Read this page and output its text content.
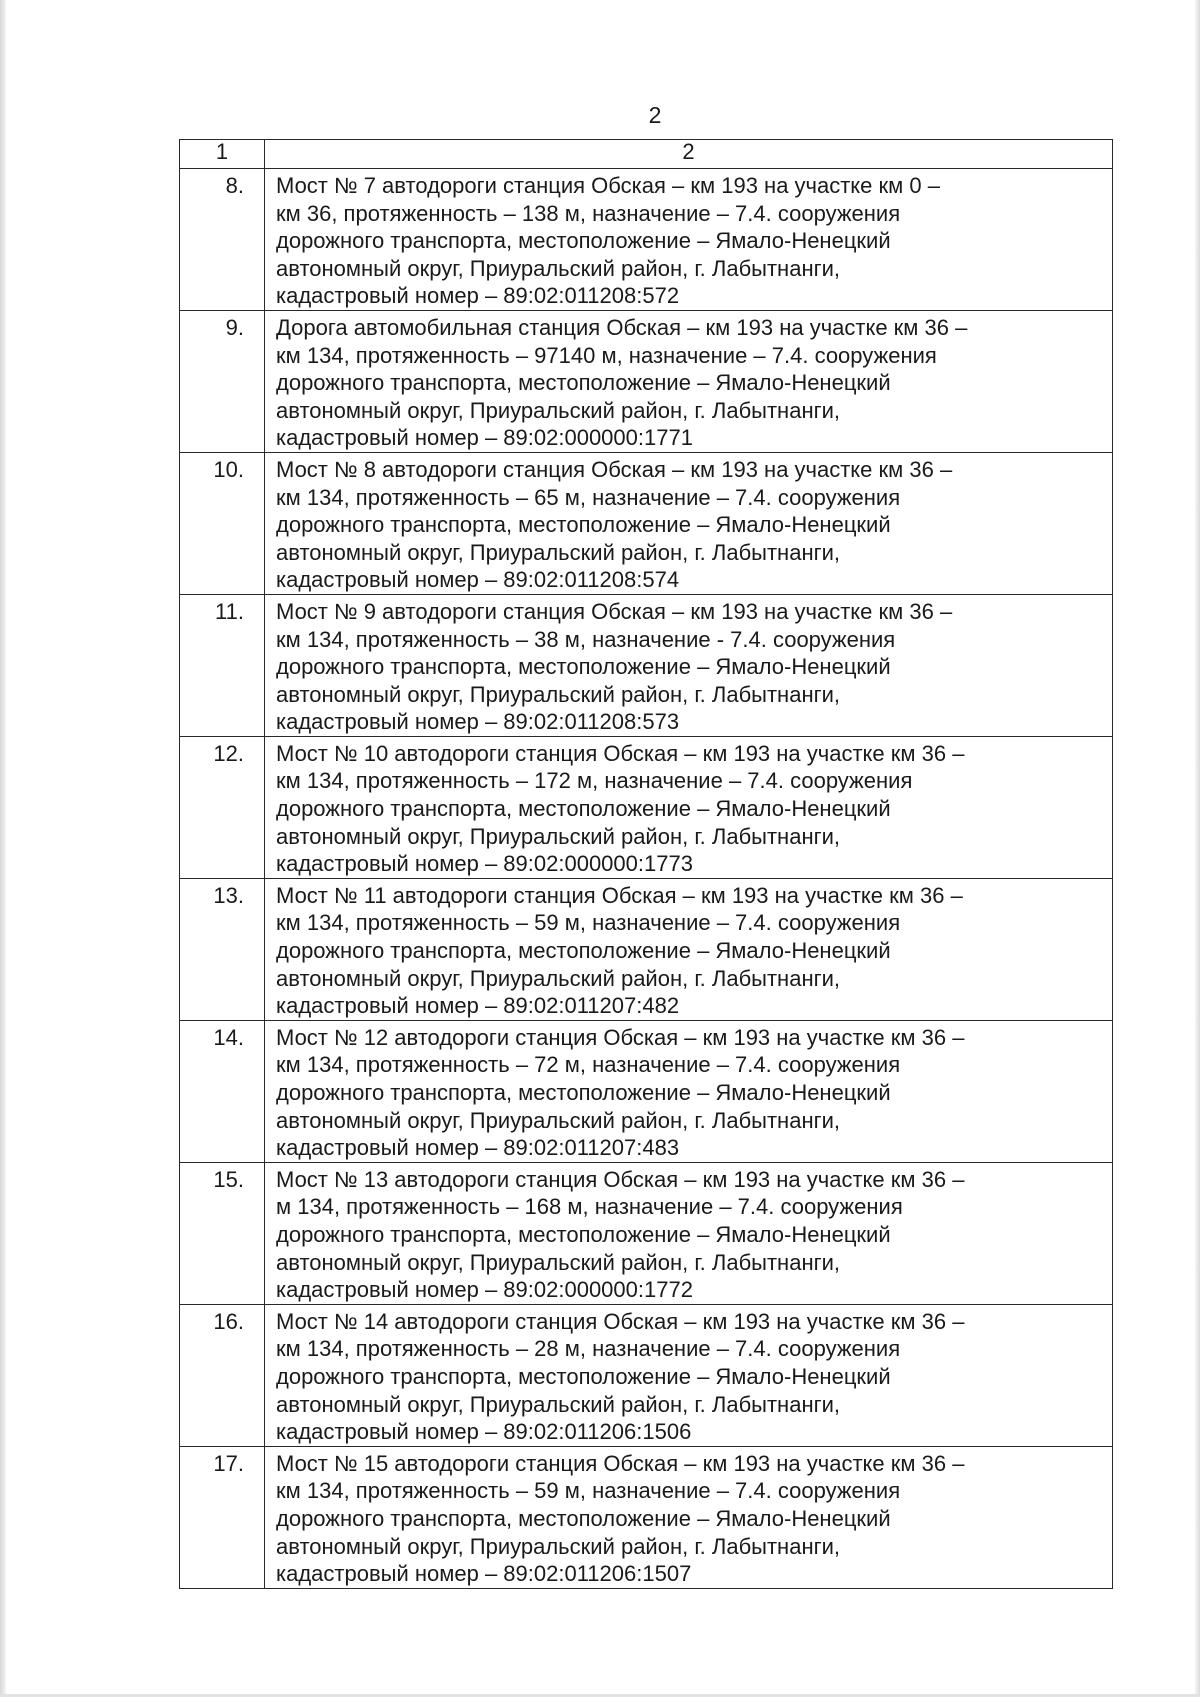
2
1	2
8.	Мост № 7 автодороги станция Обская – км 193 на участке км 0 –
км 36, протяженность – 138 м, назначение – 7.4. сооружения
дорожного транспорта, местоположение – Ямало-Ненецкий
автономный округ, Приуральский район, г. Лабытнанги,
кадастровый номер – 89:02:011208:572

9.	Дорога автомобильная станция Обская – км 193 на участке км 36 –
км 134, протяженность – 97140 м, назначение – 7.4. сооружения
дорожного транспорта, местоположение – Ямало-Ненецкий
автономный округ, Приуральский район, г. Лабытнанги,
кадастровый номер – 89:02:000000:1771

10.	Мост № 8 автодороги станция Обская – км 193 на участке км 36 –
км 134, протяженность – 65 м, назначение – 7.4. сооружения
дорожного транспорта, местоположение – Ямало-Ненецкий
автономный округ, Приуральский район, г. Лабытнанги,
кадастровый номер – 89:02:011208:574

11.	Мост № 9 автодороги станция Обская – км 193 на участке км 36 –
км 134, протяженность – 38 м, назначение - 7.4. сооружения
дорожного транспорта, местоположение – Ямало-Ненецкий
автономный округ, Приуральский район, г. Лабытнанги,
кадастровый номер – 89:02:011208:573

12.	Мост № 10 автодороги станция Обская – км 193 на участке км 36 –
км 134, протяженность – 172 м, назначение – 7.4. сооружения
дорожного транспорта, местоположение – Ямало-Ненецкий
автономный округ, Приуральский район, г. Лабытнанги,
кадастровый номер – 89:02:000000:1773

13.	Мост № 11 автодороги станция Обская – км 193 на участке км 36 –
км 134, протяженность – 59 м, назначение – 7.4. сооружения
дорожного транспорта, местоположение – Ямало-Ненецкий
автономный округ, Приуральский район, г. Лабытнанги,
кадастровый номер – 89:02:011207:482

14.	Мост № 12 автодороги станция Обская – км 193 на участке км 36 –
км 134, протяженность – 72 м, назначение – 7.4. сооружения
дорожного транспорта, местоположение – Ямало-Ненецкий
автономный округ, Приуральский район, г. Лабытнанги,
кадастровый номер – 89:02:011207:483

15.	Мост № 13 автодороги станция Обская – км 193 на участке км 36 –
м 134, протяженность – 168 м, назначение – 7.4. сооружения
дорожного транспорта, местоположение – Ямало-Ненецкий
автономный округ, Приуральский район, г. Лабытнанги,
кадастровый номер – 89:02:000000:1772

16.	Мост № 14 автодороги станция Обская – км 193 на участке км 36 –
км 134, протяженность – 28 м, назначение – 7.4. сооружения
дорожного транспорта, местоположение – Ямало-Ненецкий
автономный округ, Приуральский район, г. Лабытнанги,
кадастровый номер – 89:02:011206:1506

17.	Мост № 15 автодороги станция Обская – км 193 на участке км 36 –
км 134, протяженность – 59 м, назначение – 7.4. сооружения
дорожного транспорта, местоположение – Ямало-Ненецкий
автономный округ, Приуральский район, г. Лабытнанги,
кадастровый номер – 89:02:011206:1507
